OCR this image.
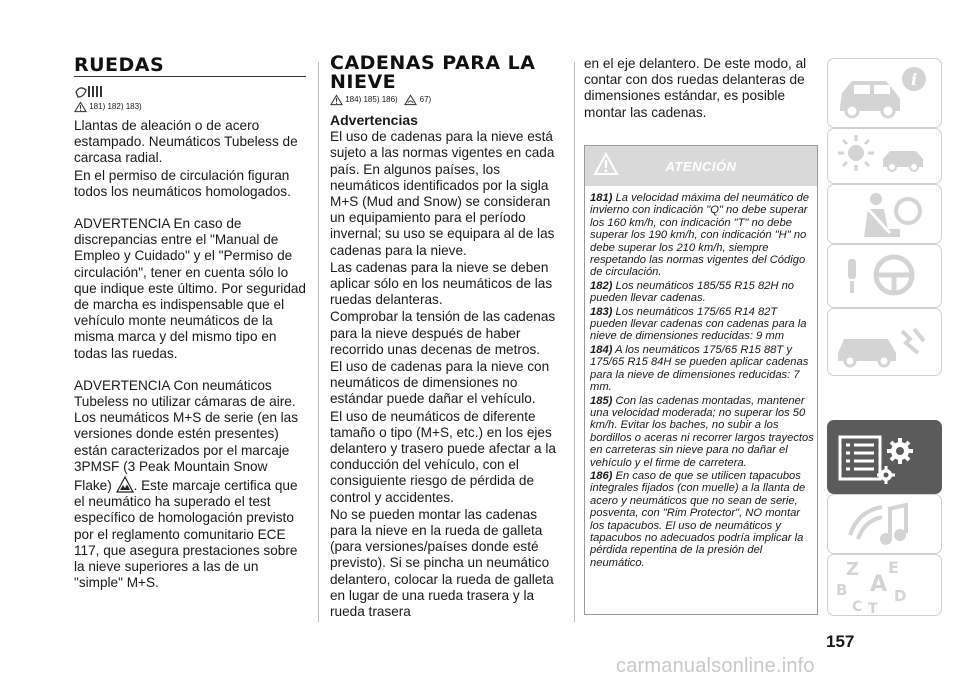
RUEDAS
181) 182) 183)

Llantas de aleación o de acero estampado. Neumáticos Tubeless de carcasa radial.

En el permiso de circulación figuran todos los neumáticos homologados.

ADVERTENCIA En caso de discrepancias entre el "Manual de Empleo y Cuidado" y el "Permiso de circulación", tener en cuenta sólo lo que indique este último. Por seguridad de marcha es indispensable que el vehículo monte neumáticos de la misma marca y del mismo tipo en todas las ruedas.

ADVERTENCIA Con neumáticos Tubeless no utilizar cámaras de aire. Los neumáticos M+S de serie (en las versiones donde estén presentes) están caracterizados por el marcaje 3PMSF (3 Peak Mountain Snow Flake) . Este marcaje certifica que el neumático ha superado el test específico de homologación previsto por el reglamento comunitario ECE 117, que asegura prestaciones sobre la nieve superiores a las de un "simple" M+S.

CADENAS PARA LA
NIEVE
184) 185) 186)	67)

Advertencias

El uso de cadenas para la nieve está sujeto a las normas vigentes en cada país. En algunos países, los neumáticos identificados por la sigla M+S (Mud and Snow) se consideran un equipamiento para el período invernal; su uso se equipara al de las cadenas para la nieve.

Las cadenas para la nieve se deben aplicar sólo en los neumáticos de las ruedas delanteras.

Comprobar la tensión de las cadenas para la nieve después de haber recorrido unas decenas de metros.

El uso de cadenas para la nieve con neumáticos de dimensiones no estándar puede dañar el vehículo.

El uso de neumáticos de diferente tamaño o tipo (M+S, etc.) en los ejes delantero y trasero puede afectar a la conducción del vehículo, con el consiguiente riesgo de pérdida de control y accidentes.

No se pueden montar las cadenas para la nieve en la rueda de galleta (para versiones/países donde esté previsto). Si se pincha un neumático delantero, colocar la rueda de galleta en lugar de una rueda trasera y la rueda trasera

en el eje delantero. De este modo, al contar con dos ruedas delanteras de dimensiones estándar, es posible montar las cadenas.

ATENCIÓN

181) La velocidad máxima del neumático de invierno con indicación "Q" no debe superar los 160 km/h, con indicación "T" no debe superar los 190 km/h, con indicación "H" no debe superar los 210 km/h, siempre respetando las normas vigentes del Código de circulación.

182) Los neumáticos 185/55 R15 82H no pueden llevar cadenas.

183) Los neumáticos 175/65 R14 82T pueden llevar cadenas con cadenas para la nieve de dimensiones reducidas: 9 mm

184) A los neumáticos 175/65 R15 88T y 175/65 R15 84H se pueden aplicar cadenas para la nieve de dimensiones reducidas: 7 mm.

185) Con las cadenas montadas, mantener una velocidad moderada; no superar los 50 km/h. Evitar los baches, no subir a los bordillos o aceras ni recorrer largos trayectos en carreteras sin nieve para no dañar el vehículo y el firme de carretera.

186) En caso de que se utilicen tapacubos integrales fijados (con muelle) a la llanta de acero y neumáticos que no sean de serie, posventa, con "Rim Protector", NO montar los tapacubos. El uso de neumáticos y tapacubos no adecuados podría implicar la pérdida repentina de la presión del neumático.

157
carmanualsonline.info
i
Z E
B A
C T
D
